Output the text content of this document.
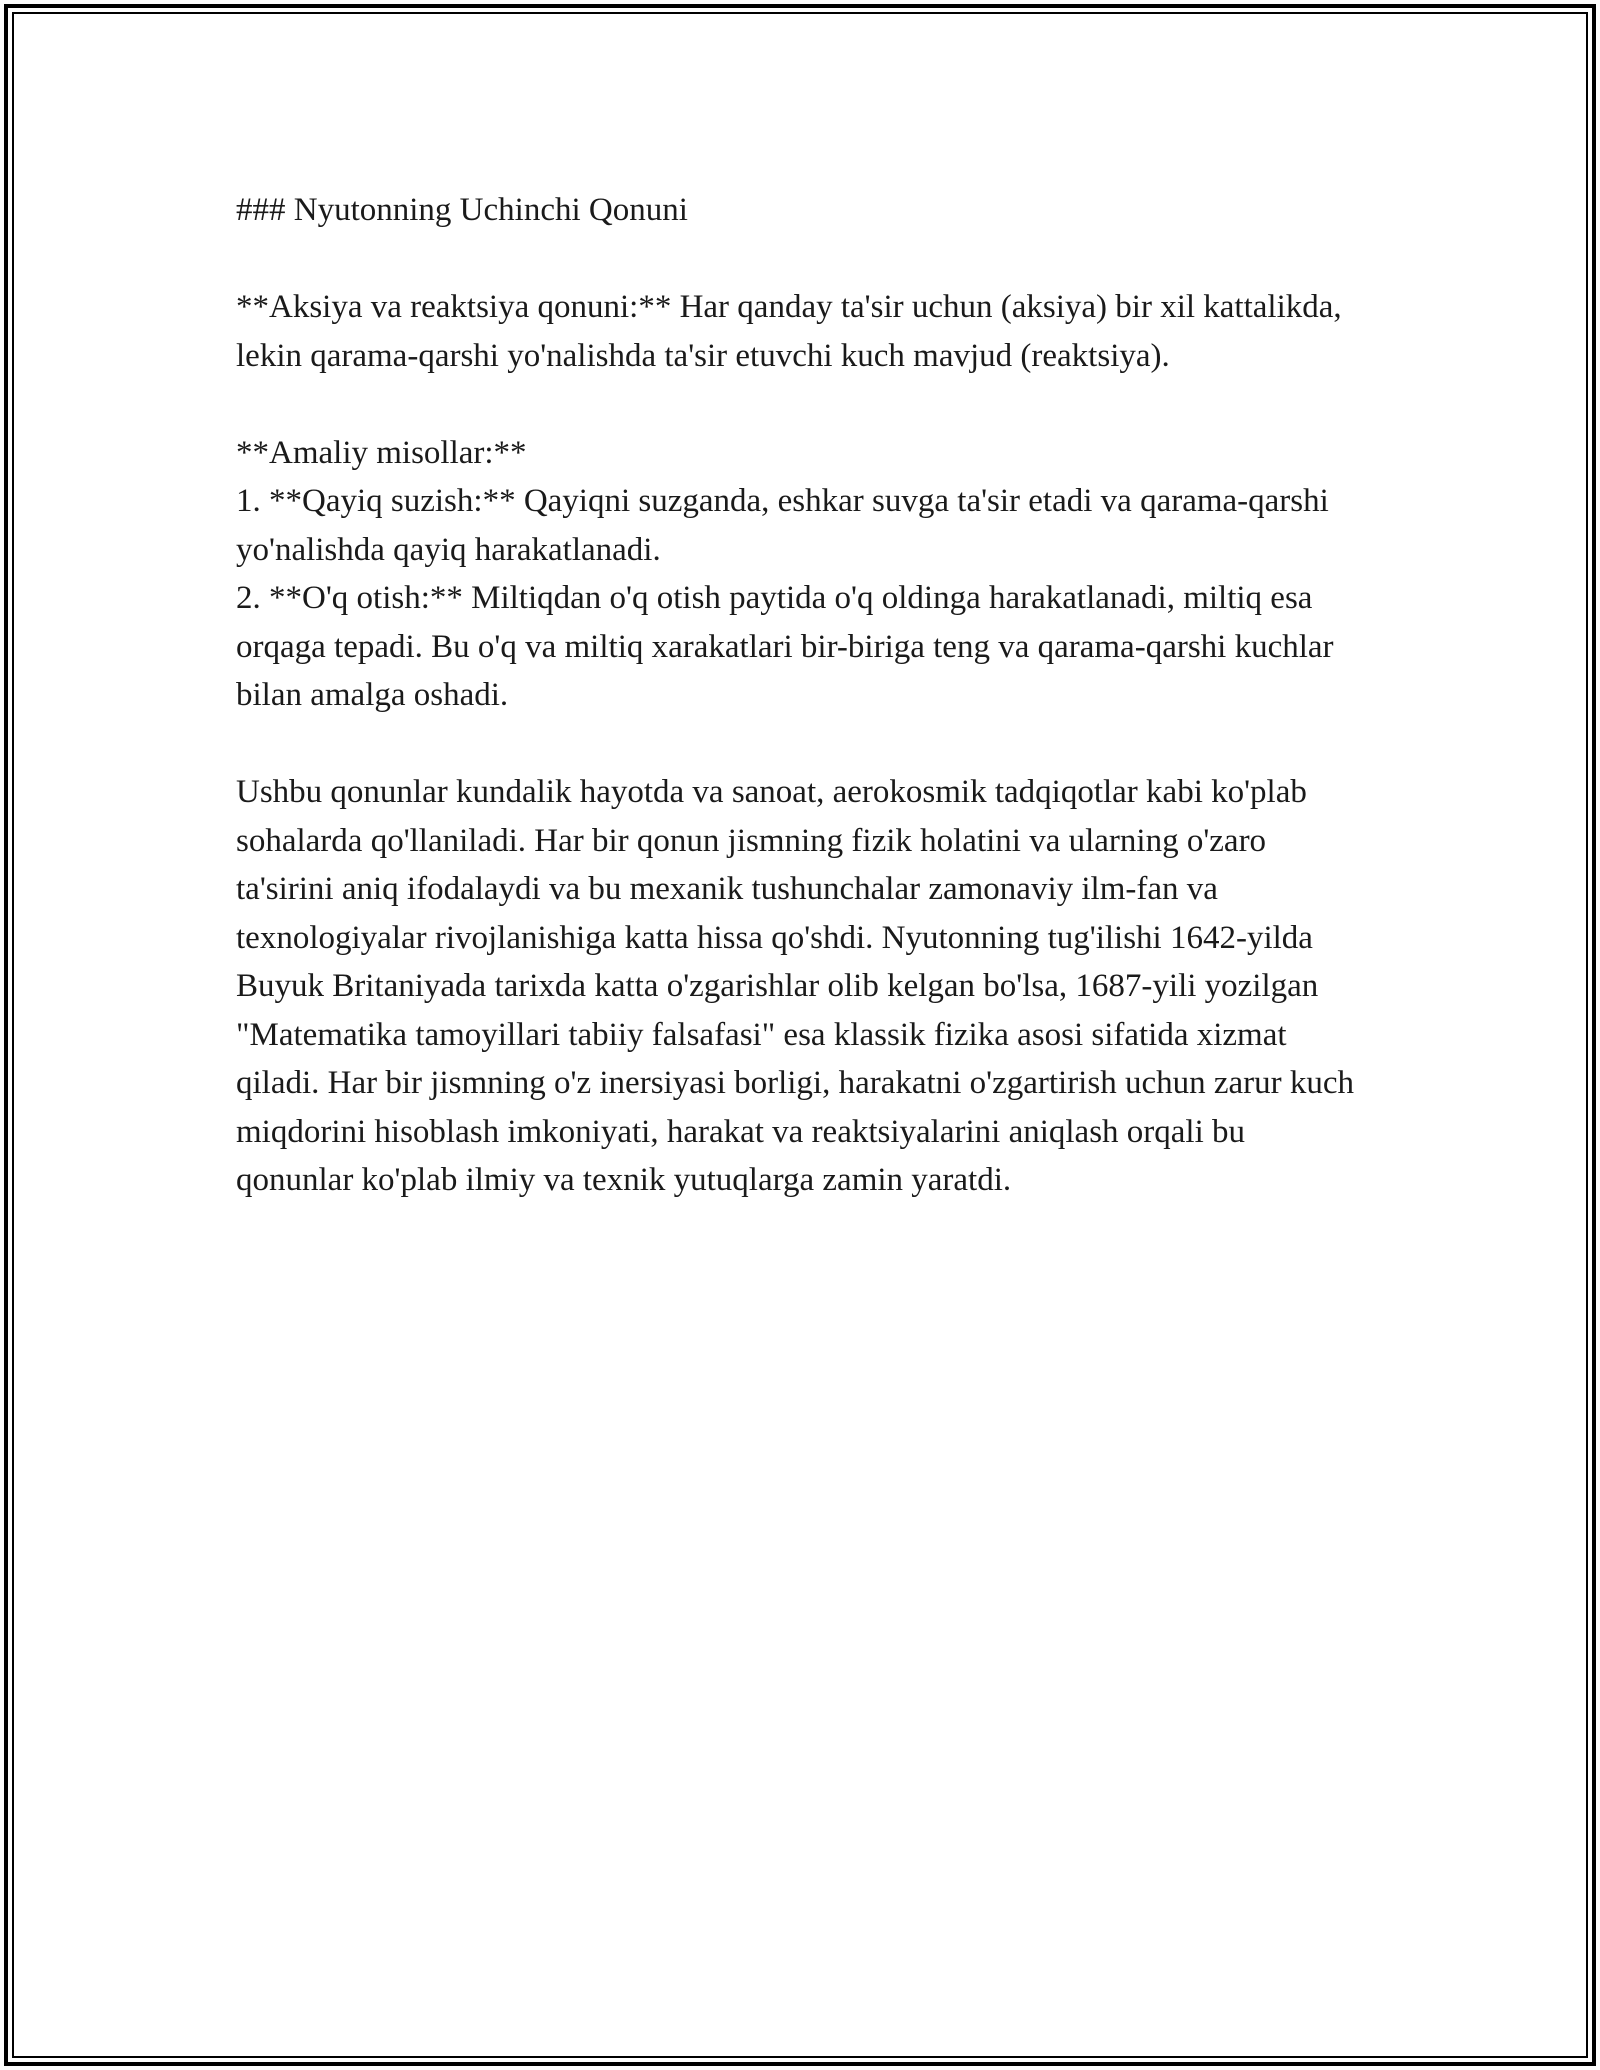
### Nyutonning Uchinchi Qonuni

**Aksiya va reaktsiya qonuni:** Har qanday ta'sir uchun (aksiya) bir xil kattalikda, lekin qarama-qarshi yo'nalishda ta'sir etuvchi kuch mavjud (reaktsiya).

**Amaliy misollar:**

1. **Qayiq suzish:** Qayiqni suzganda, eshkar suvga ta'sir etadi va qarama-qarshi yo'nalishda qayiq harakatlanadi.

2. **O'q otish:** Miltiqdan o'q otish paytida o'q oldinga harakatlanadi, miltiq esa orqaga tepadi. Bu o'q va miltiq xarakatlari bir-biriga teng va qarama-qarshi kuchlar bilan amalga oshadi.

Ushbu qonunlar kundalik hayotda va sanoat, aerokosmik tadqiqotlar kabi ko'plab sohalarda qo'llaniladi. Har bir qonun jismning fizik holatini va ularning o'zaro ta'sirini aniq ifodalaydi va bu mexanik tushunchalar zamonaviy ilm-fan va texnologiyalar rivojlanishiga katta hissa qo'shdi. Nyutonning tug'ilishi 1642-yilda Buyuk Britaniyada tarixda katta o'zgarishlar olib kelgan bo'lsa, 1687-yili yozilgan "Matematika tamoyillari tabiiy falsafasi" esa klassik fizika asosi sifatida xizmat qiladi. Har bir jismning o'z inersiyasi borligi, harakatni o'zgartirish uchun zarur kuch miqdorini hisoblash imkoniyati, harakat va reaktsiyalarini aniqlash orqali bu qonunlar ko'plab ilmiy va texnik yutuqlarga zamin yaratdi.
